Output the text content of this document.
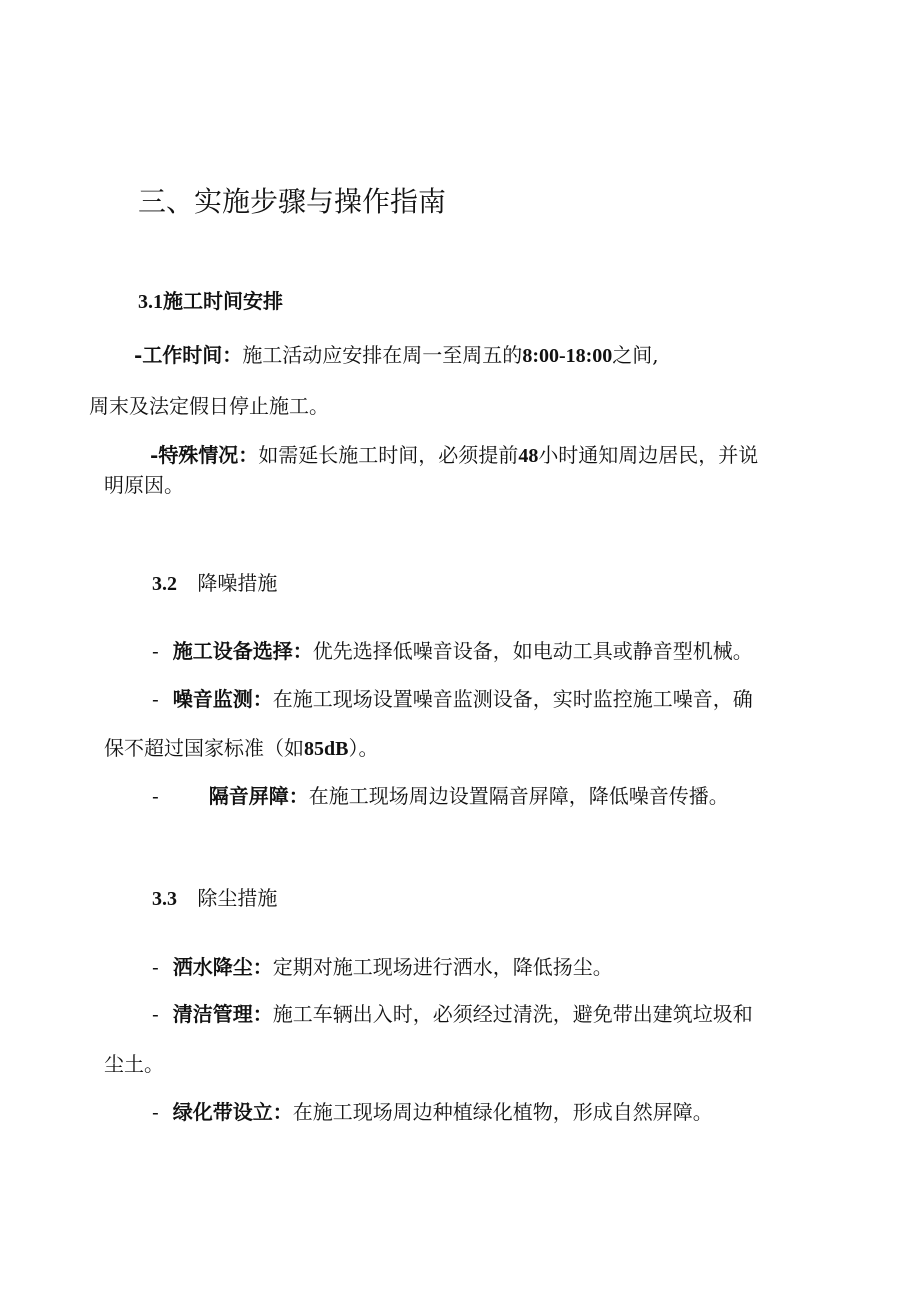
三、实施步骤与操作指南
3.1施工时间安排
-工作时间：施工活动应安排在周一至周五的8:00-18:00之间,
周末及法定假日停止施工。
-特殊情况：如需延长施工时间，必须提前48小时通知周边居民，并说
明原因。
3.2 降噪措施
- 施工设备选择：优先选择低噪音设备，如电动工具或静音型机械。
- 噪音监测：在施工现场设置噪音监测设备，实时监控施工噪音，确
保不超过国家标准（如85dB）。
-	隔音屏障：在施工现场周边设置隔音屏障，降低噪音传播。
3.3 除尘措施
- 洒水降尘：定期对施工现场进行洒水，降低扬尘。
- 清洁管理：施工车辆出入时，必须经过清洗，避免带出建筑垃圾和
尘土。
- 绿化带设立：在施工现场周边种植绿化植物，形成自然屏障。
